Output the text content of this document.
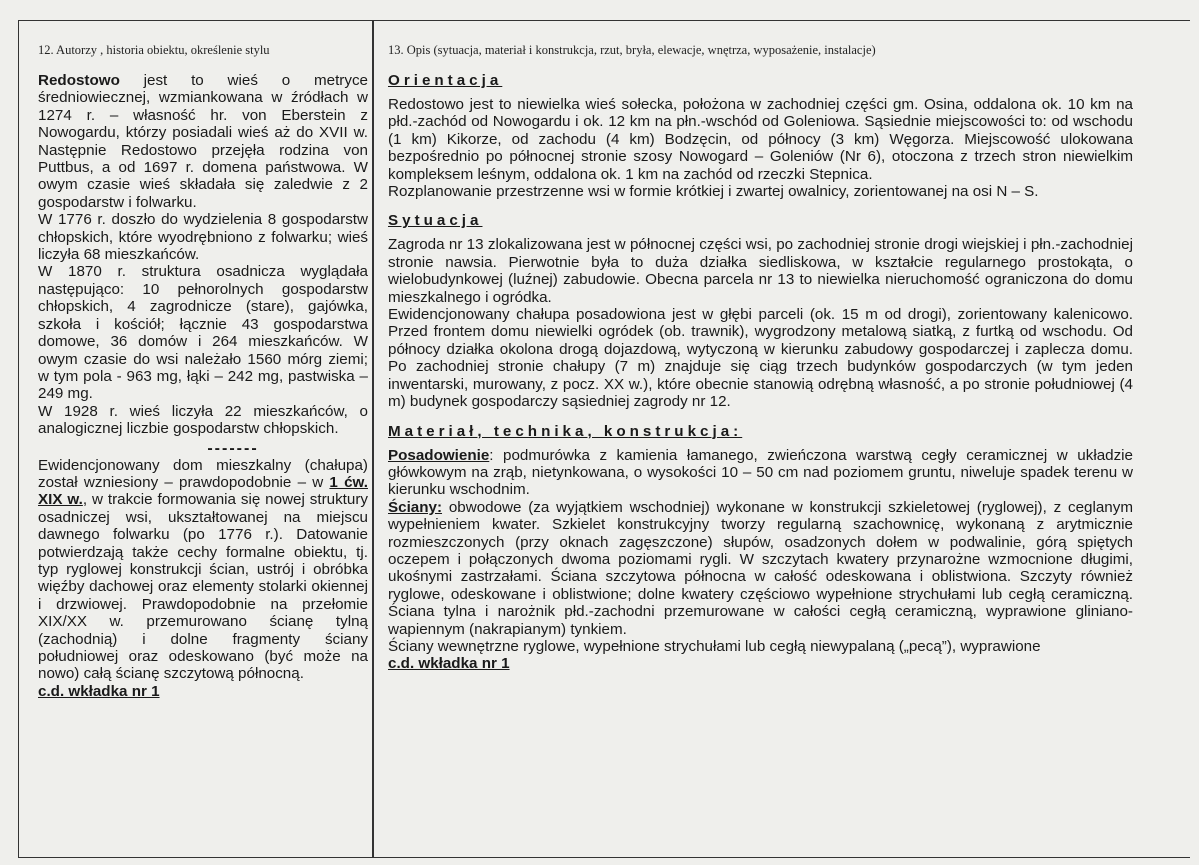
12. Autorzy , historia obiektu, określenie stylu

Redostowo jest to wieś o metryce średniowiecznej, wzmiankowana w źródłach w 1274 r. – własność hr. von Eberstein z Nowogardu, którzy posiadali wieś aż do XVII w. Następnie Redostowo przejęła rodzina von Puttbus, a od 1697 r. domena państwowa. W owym czasie wieś składała się zaledwie z 2 gospodarstw i folwarku.

W 1776 r. doszło do wydzielenia 8 gospodarstw chłopskich, które wyodrębniono z folwarku; wieś liczyła 68 mieszkańców.

W 1870 r. struktura osadnicza wyglądała następująco: 10 pełnorolnych gospodarstw chłopskich, 4 zagrodnicze (stare), gajówka, szkoła i kościół; łącznie 43 gospodarstwa domowe, 36 domów i 264 mieszkańców. W owym czasie do wsi należało 1560 mórg ziemi; w tym pola - 963 mg, łąki – 242 mg, pastwiska – 249 mg.

W 1928 r. wieś liczyła 22 mieszkańców, o analogicznej liczbie gospodarstw chłopskich.

-------

Ewidencjonowany dom mieszkalny (chałupa) został wzniesiony – prawdopodobnie – w 1 ćw. XIX w., w trakcie formowania się nowej struktury osadniczej wsi, ukształtowanej na miejscu dawnego folwarku (po 1776 r.). Datowanie potwierdzają także cechy formalne obiektu, tj. typ ryglowej konstrukcji ścian, ustrój i obróbka więźby dachowej oraz elementy stolarki okiennej i drzwiowej. Prawdopodobnie na przełomie XIX/XX w. przemurowano ścianę tylną (zachodnią) i dolne fragmenty ściany południowej oraz odeskowano (być może na nowo) całą ścianę szczytową północną.

c.d. wkładka nr 1

13. Opis (sytuacja, materiał i konstrukcja, rzut, bryła, elewacje, wnętrza, wyposażenie, instalacje)

Orientacja

Redostowo jest to niewielka wieś sołecka, położona w zachodniej części gm. Osina, oddalona ok. 10 km na płd.-zachód od Nowogardu i ok. 12 km na płn.-wschód od Goleniowa. Sąsiednie miejscowości to: od wschodu (1 km) Kikorze, od zachodu (4 km) Bodzęcin, od północy (3 km) Węgorza. Miejscowość ulokowana bezpośrednio po północnej stronie szosy Nowogard – Goleniów (Nr 6), otoczona z trzech stron niewielkim kompleksem leśnym, oddalona ok. 1 km na zachód od rzeczki Stepnica.

Rozplanowanie przestrzenne wsi w formie krótkiej i zwartej owalnicy, zorientowanej na osi N – S.

Sytuacja

Zagroda nr 13 zlokalizowana jest w północnej części wsi, po zachodniej stronie drogi wiejskiej i płn.-zachodniej stronie nawsia. Pierwotnie była to duża działka siedliskowa, w kształcie regularnego prostokąta, o wielobudynkowej (luźnej) zabudowie. Obecna parcela nr 13 to niewielka nieruchomość ograniczona do domu mieszkalnego i ogródka.

Ewidencjonowany chałupa posadowiona jest w głębi parceli (ok. 15 m od drogi), zorientowany kalenicowo. Przed frontem domu niewielki ogródek (ob. trawnik), wygrodzony metalową siatką, z furtką od wschodu. Od północy działka okolona drogą dojazdową, wytyczoną w kierunku zabudowy gospodarczej i zaplecza domu. Po zachodniej stronie chałupy (7 m) znajduje się ciąg trzech budynków gospodarczych (w tym jeden inwentarski, murowany, z pocz. XX w.), które obecnie stanowią odrębną własność, a po stronie południowej (4 m) budynek gospodarczy sąsiedniej zagrody nr 12.

Materiał, technika, konstrukcja:

Posadowienie: podmurówka z kamienia łamanego, zwieńczona warstwą cegły ceramicznej w układzie główkowym na zrąb, nietynkowana, o wysokości 10 – 50 cm nad poziomem gruntu, niweluje spadek terenu w kierunku wschodnim.

Ściany: obwodowe (za wyjątkiem wschodniej) wykonane w konstrukcji szkieletowej (ryglowej), z ceglanym wypełnieniem kwater. Szkielet konstrukcyjny tworzy regularną szachownicę, wykonaną z arytmicznie rozmieszczonych (przy oknach zagęszczone) słupów, osadzonych dołem w podwalinie, górą spiętych oczepem i połączonych dwoma poziomami rygli. W szczytach kwatery przynarożne wzmocnione długimi, ukośnymi zastrzałami. Ściana szczytowa północna w całość odeskowana i oblistwiona. Szczyty również ryglowe, odeskowane i oblistwione; dolne kwatery częściowo wypełnione strychułami lub cegłą ceramiczną. Ściana tylna i narożnik płd.-zachodni przemurowane w całości cegłą ceramiczną, wyprawione gliniano-wapiennym (nakrapianym) tynkiem.

Ściany wewnętrzne ryglowe, wypełnione strychułami lub cegłą niewypalaną („pecą”), wyprawione

c.d. wkładka nr 1
